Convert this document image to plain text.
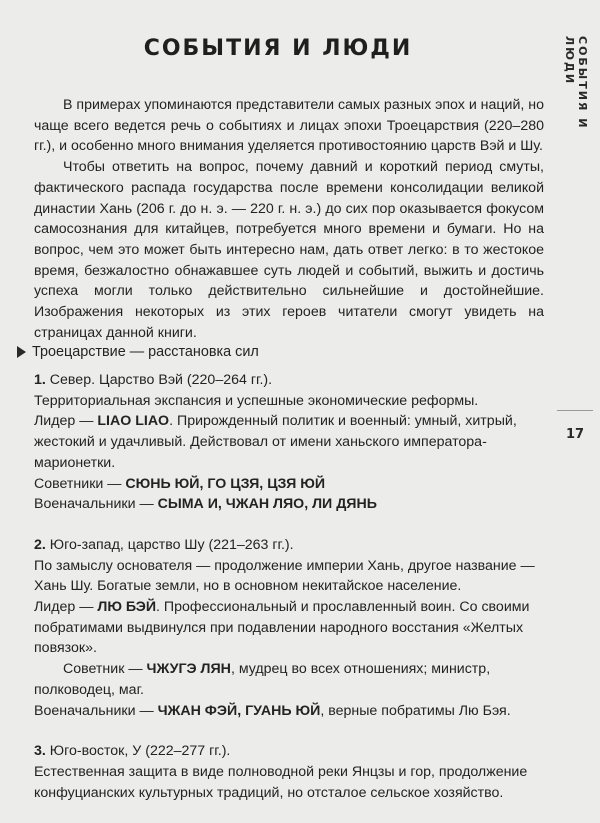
СОБЫТИЯ И ЛЮДИ	СОБЫТИЯ И ЛЮДИ
17

В примерах упоминаются представители самых разных эпох и наций, но чаще всего ведется речь о событиях и лицах эпохи Троецарствия (220–280 гг.), и особенно много внимания уделяется противостоянию царств Вэй и Шу.

Чтобы ответить на вопрос, почему давний и короткий период смуты, фактического распада государства после времени консолидации великой династии Хань (206 г. до н. э. — 220 г. н. э.) до сих пор оказывается фокусом самосознания для китайцев, потребуется много времени и бумаги. Но на вопрос, чем это может быть интересно нам, дать ответ легко: в то жестокое время, безжалостно обнажавшее суть людей и событий, выжить и достичь успеха могли только действительно сильнейшие и достойнейшие. Изображения некоторых из этих героев читатели смогут увидеть на страницах данной книги.

Троецарствие — расстановка сил

1. Север. Царство Вэй (220–264 гг.).

Территориальная экспансия и успешные экономические реформы.

Лидер — LIAO LIAO. Прирожденный политик и военный: умный, хитрый, жестокий и удачливый. Действовал от имени ханьского императора-марионетки.

Советники — СЮНЬ ЮЙ, ГО ЦЗЯ, ЦЗЯ ЮЙ

Военачальники — СЫМА И, ЧЖАН ЛЯО, ЛИ ДЯНЬ

2. Юго-запад, царство Шу (221–263 гг.).

По замыслу основателя — продолжение империи Хань, другое название — Хань Шу. Богатые земли, но в основном некитайское население.

Лидер — ЛЮ БЭЙ. Профессиональный и прославленный воин. Со своими побратимами выдвинулся при подавлении народного восстания «Желтых повязок».

Советник — ЧЖУГЭ ЛЯН, мудрец во всех отношениях; министр, полководец, маг.

Военачальники — ЧЖАН ФЭЙ, ГУАНЬ ЮЙ, верные побратимы Лю Бэя.

3. Юго-восток, У (222–277 гг.).

Естественная защита в виде полноводной реки Янцзы и гор, продолжение конфуцианских культурных традиций, но отсталое сельское хозяйство.
